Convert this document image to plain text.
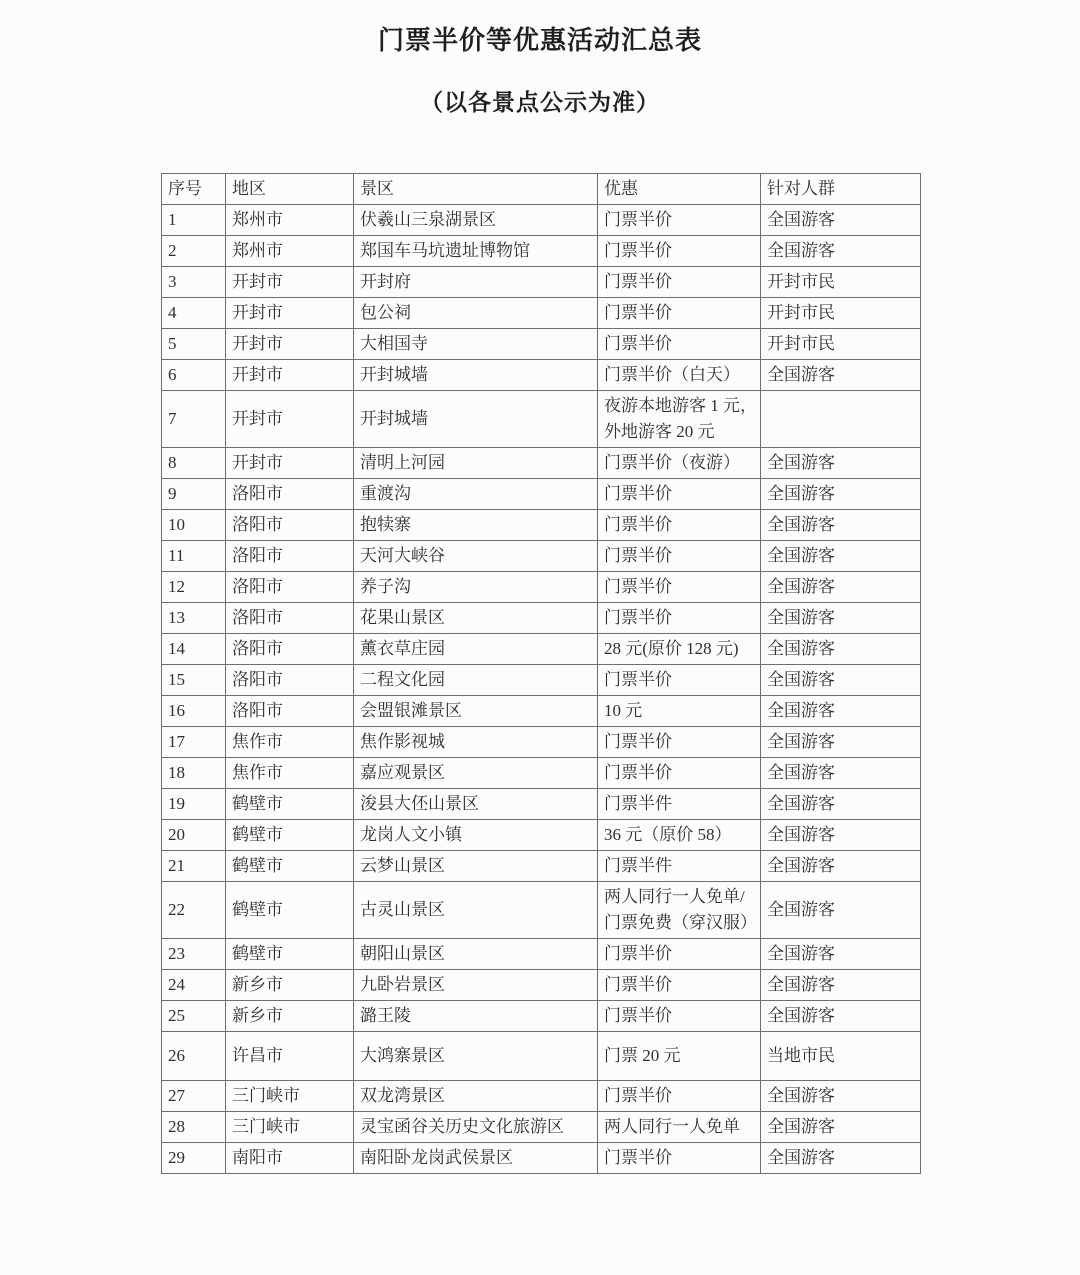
门票半价等优惠活动汇总表
（以各景点公示为准）
序号	地区	景区	优惠	针对人群
1	郑州市	伏羲山三泉湖景区	门票半价	全国游客
2	郑州市	郑国车马坑遗址博物馆	门票半价	全国游客
3	开封市	开封府	门票半价	开封市民
4	开封市	包公祠	门票半价	开封市民
5	开封市	大相国寺	门票半价	开封市民
6	开封市	开封城墙	门票半价（白天）	全国游客
7	开封市	开封城墙	夜游本地游客 1 元，外地游客 20 元	
8	开封市	清明上河园	门票半价（夜游）	全国游客
9	洛阳市	重渡沟	门票半价	全国游客
10	洛阳市	抱犊寨	门票半价	全国游客
11	洛阳市	天河大峡谷	门票半价	全国游客
12	洛阳市	养子沟	门票半价	全国游客
13	洛阳市	花果山景区	门票半价	全国游客
14	洛阳市	薰衣草庄园	28 元(原价 128 元)	全国游客
15	洛阳市	二程文化园	门票半价	全国游客
16	洛阳市	会盟银滩景区	10 元	全国游客
17	焦作市	焦作影视城	门票半价	全国游客
18	焦作市	嘉应观景区	门票半价	全国游客
19	鹤壁市	浚县大伾山景区	门票半件	全国游客
20	鹤壁市	龙岗人文小镇	36 元（原价 58）	全国游客
21	鹤壁市	云梦山景区	门票半件	全国游客
22	鹤壁市	古灵山景区	两人同行一人免单/门票免费（穿汉服）	全国游客
23	鹤壁市	朝阳山景区	门票半价	全国游客
24	新乡市	九卧岩景区	门票半价	全国游客
25	新乡市	潞王陵	门票半价	全国游客
26	许昌市	大鸿寨景区	门票 20 元	当地市民
27	三门峡市	双龙湾景区	门票半价	全国游客
28	三门峡市	灵宝函谷关历史文化旅游区	两人同行一人免单	全国游客
29	南阳市	南阳卧龙岗武侯景区	门票半价	全国游客
